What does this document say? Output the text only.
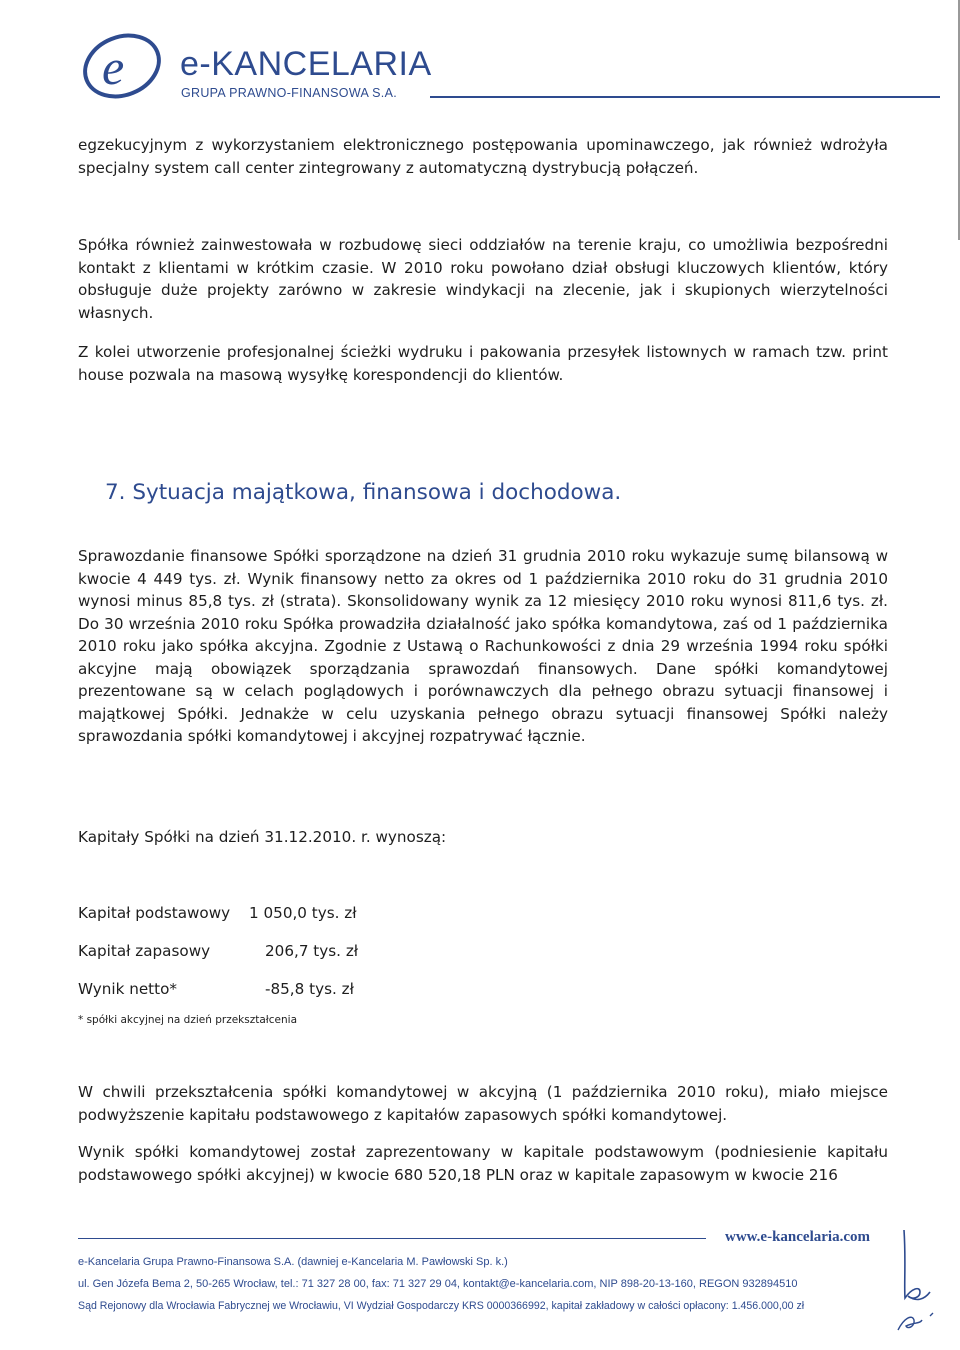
e e-KANCELARIA
GRUPA PRAWNO-FINANSOWA S.A.

egzekucyjnym z wykorzystaniem elektronicznego postępowania upominawczego, jak również wdrożyła specjalny system call center zintegrowany z automatyczną dystrybucją połączeń.

Spółka również zainwestowała w rozbudowę sieci oddziałów na terenie kraju, co umożliwia bezpośredni kontakt z klientami w krótkim czasie. W 2010 roku powołano dział obsługi kluczowych klientów, który obsługuje duże projekty zarówno w zakresie windykacji na zlecenie, jak i skupionych wierzytelności własnych.

Z kolei utworzenie profesjonalnej ścieżki wydruku i pakowania przesyłek listownych w ramach tzw. print house pozwala na masową wysyłkę korespondencji do klientów.

7. Sytuacja majątkowa, finansowa i dochodowa.

Sprawozdanie finansowe Spółki sporządzone na dzień 31 grudnia 2010 roku wykazuje sumę bilansową w kwocie 4 449 tys. zł. Wynik finansowy netto za okres od 1 października 2010 roku do 31 grudnia 2010 wynosi minus 85,8 tys. zł (strata). Skonsolidowany wynik za 12 miesięcy 2010 roku wynosi 811,6 tys. zł. Do 30 września 2010 roku Spółka prowadziła działalność jako spółka komandytowa, zaś od 1 października 2010 roku jako spółka akcyjna. Zgodnie z Ustawą o Rachunkowości z dnia 29 września 1994 roku spółki akcyjne mają obowiązek sporządzania sprawozdań finansowych. Dane spółki komandytowej prezentowane są w celach poglądowych i porównawczych dla pełnego obrazu sytuacji finansowej i majątkowej Spółki. Jednakże w celu uzyskania pełnego obrazu sytuacji finansowej Spółki należy sprawozdania spółki komandytowej i akcyjnej rozpatrywać łącznie.

Kapitały Spółki na dzień 31.12.2010. r. wynoszą:

Kapitał podstawowy 1 050,0 tys. zł
Kapitał zapasowy	206,7 tys. zł
Wynik netto*	-85,8 tys. zł
* spółki akcyjnej na dzień przekształcenia

W chwili przekształcenia spółki komandytowej w akcyjną (1 października 2010 roku), miało miejsce podwyższenie kapitału podstawowego z kapitałów zapasowych spółki komandytowej.

Wynik spółki komandytowej został zaprezentowany w kapitale podstawowym (podniesienie kapitału podstawowego spółki akcyjnej) w kwocie 680 520,18 PLN oraz w kapitale zapasowym w kwocie 216

www.e-kancelaria.com
e-Kancelaria Grupa Prawno-Finansowa S.A. (dawniej e-Kancelaria M. Pawłowski Sp. k.)
ul. Gen Józefa Bema 2, 50-265 Wrocław, tel.: 71 327 28 00, fax: 71 327 29 04, kontakt@e-kancelaria.com, NIP 898-20-13-160, REGON 932894510
Sąd Rejonowy dla Wrocławia Fabrycznej we Wrocławiu, VI Wydział Gospodarczy KRS 0000366992, kapitał zakładowy w całości opłacony: 1.456.000,00 zł
